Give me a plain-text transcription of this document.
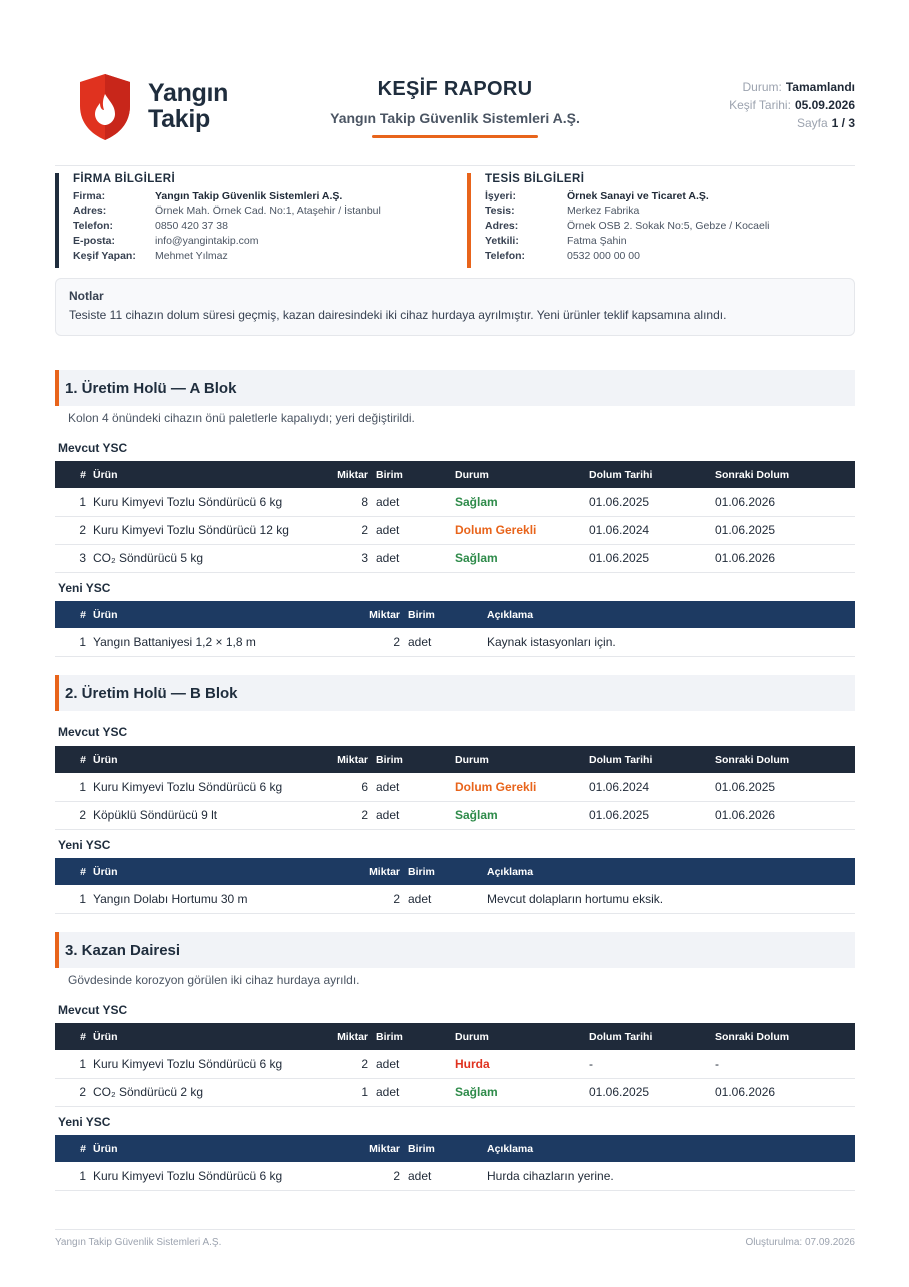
Yangın
Takip
KEŞİF RAPORU
Yangın Takip Güvenlik Sistemleri A.Ş.
Durum: Tamamlandı
Keşif Tarihi: 05.09.2026
Sayfa 1 / 3
FİRMA BİLGİLERİ
Firma:	Yangın Takip Güvenlik Sistemleri A.Ş.
Adres:	Örnek Mah. Örnek Cad. No:1, Ataşehir / İstanbul
Telefon:	0850 420 37 38
E-posta:	info@yangintakip.com
Keşif Yapan:	Mehmet Yılmaz
TESİS BİLGİLERİ
İşyeri:	Örnek Sanayi ve Ticaret A.Ş.
Tesis:	Merkez Fabrika
Adres:	Örnek OSB 2. Sokak No:5, Gebze / Kocaeli
Yetkili:	Fatma Şahin
Telefon:	0532 000 00 00
Notlar
Tesiste 11 cihazın dolum süresi geçmiş, kazan dairesindeki iki cihaz hurdaya ayrılmıştır. Yeni ürünler teklif kapsamına alındı.
1. Üretim Holü — A Blok
Kolon 4 önündeki cihazın önü paletlerle kapalıydı; yeri değiştirildi.
Mevcut YSC
#	Ürün	Miktar	Birim	Durum	Dolum Tarihi	Sonraki Dolum
1	Kuru Kimyevi Tozlu Söndürücü 6 kg	8	adet	Sağlam	01.06.2025	01.06.2026
2	Kuru Kimyevi Tozlu Söndürücü 12 kg	2	adet	Dolum Gerekli	01.06.2024	01.06.2025
3	CO₂ Söndürücü 5 kg	3	adet	Sağlam	01.06.2025	01.06.2026
Yeni YSC
#	Ürün	Miktar	Birim	Açıklama
1	Yangın Battaniyesi 1,2 × 1,8 m	2	adet	Kaynak istasyonları için.
2. Üretim Holü — B Blok
Mevcut YSC
#	Ürün	Miktar	Birim	Durum	Dolum Tarihi	Sonraki Dolum
1	Kuru Kimyevi Tozlu Söndürücü 6 kg	6	adet	Dolum Gerekli	01.06.2024	01.06.2025
2	Köpüklü Söndürücü 9 lt	2	adet	Sağlam	01.06.2025	01.06.2026
Yeni YSC
#	Ürün	Miktar	Birim	Açıklama
1	Yangın Dolabı Hortumu 30 m	2	adet	Mevcut dolapların hortumu eksik.
3. Kazan Dairesi
Gövdesinde korozyon görülen iki cihaz hurdaya ayrıldı.
Mevcut YSC
#	Ürün	Miktar	Birim	Durum	Dolum Tarihi	Sonraki Dolum
1	Kuru Kimyevi Tozlu Söndürücü 6 kg	2	adet	Hurda	-	-
2	CO₂ Söndürücü 2 kg	1	adet	Sağlam	01.06.2025	01.06.2026
Yeni YSC
#	Ürün	Miktar	Birim	Açıklama
1	Kuru Kimyevi Tozlu Söndürücü 6 kg	2	adet	Hurda cihazların yerine.
Yangın Takip Güvenlik Sistemleri A.Ş.	Oluşturulma: 07.09.2026
